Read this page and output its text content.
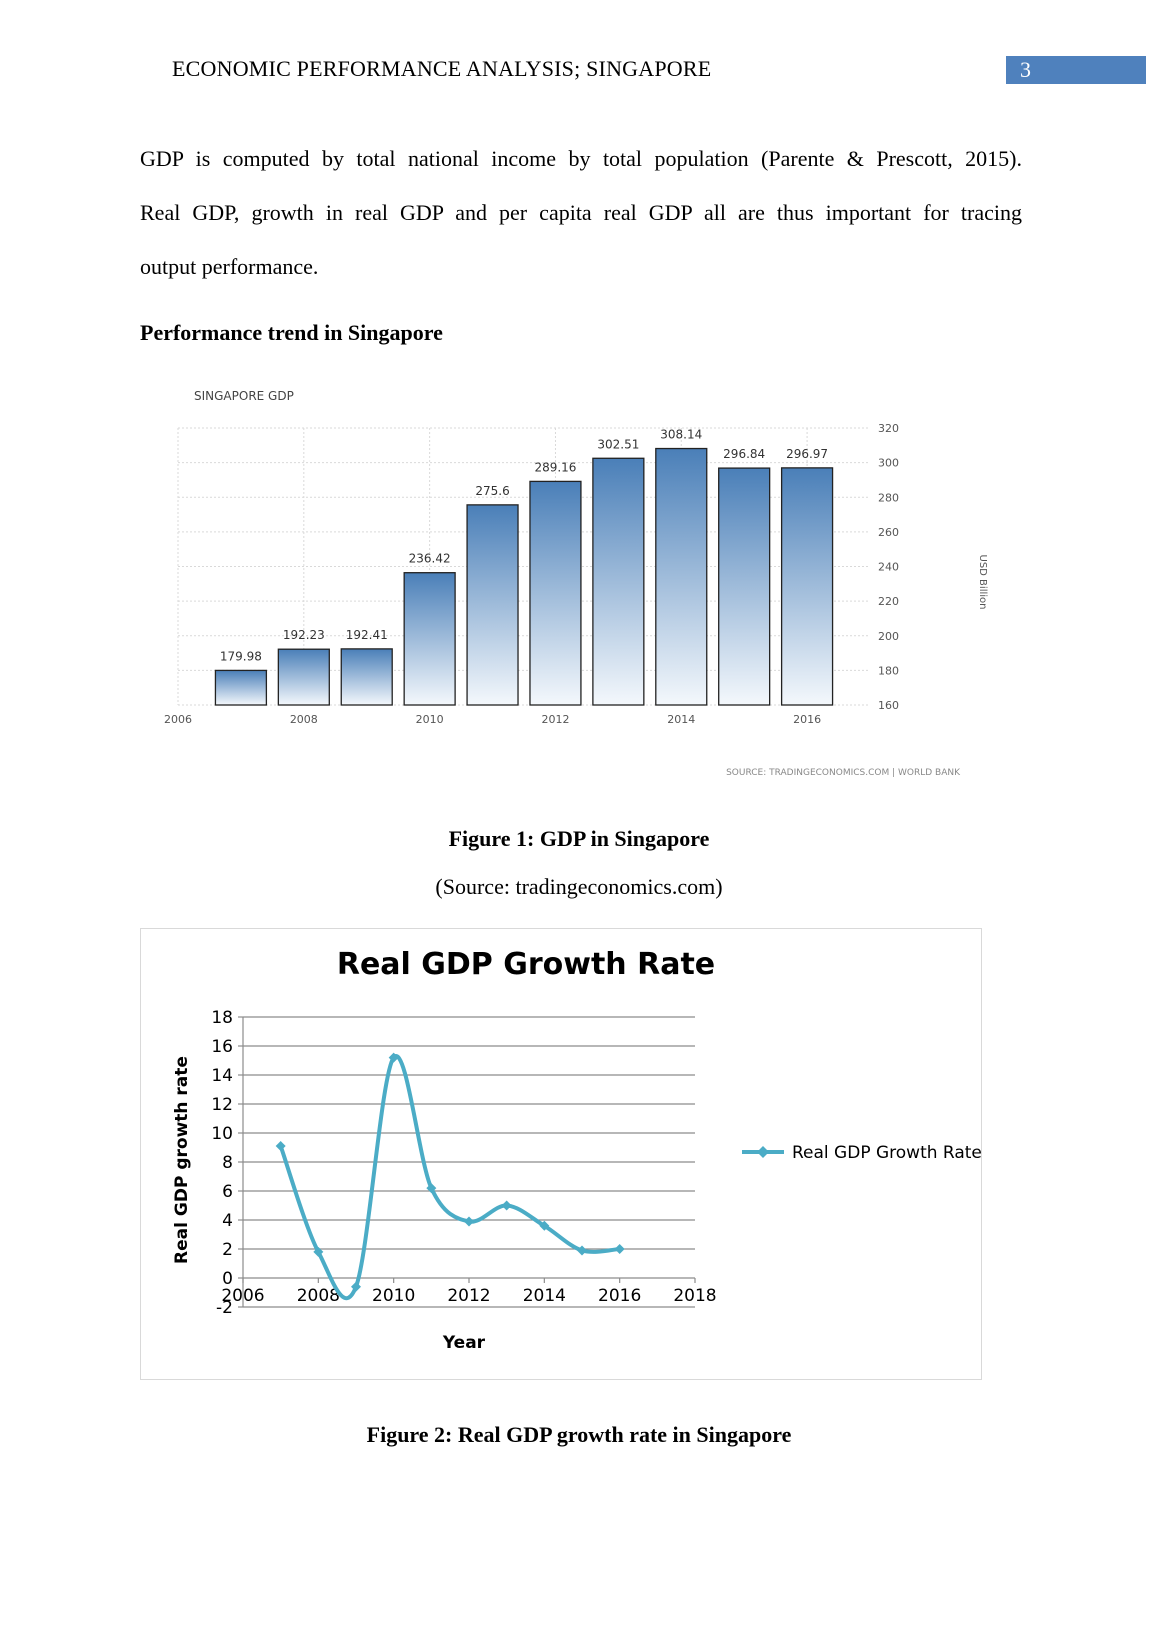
ECONOMIC PERFORMANCE ANALYSIS; SINGAPORE	3
GDP is computed by total national income by total population (Parente & Prescott, 2015).
Real GDP, growth in real GDP and per capita real GDP all are thus important for tracing
output performance.
Performance trend in Singapore
SINGAPORE GDP
179.98
192.23 192.41
236.42
275.6
289.16
302.51
308.14
296.84 296.97
2006	2008	2010	2012	2014	2016
160
180
200
220
240
260
280
300
320
USD Billion
SOURCE: TRADINGECONOMICS.COM | WORLD BANK
Figure 1: GDP in Singapore
(Source: tradingeconomics.com)
Real GDP Growth Rate
-2
0
2
4
6
8
10
12
14
16
18
2006 2008 2010 2012 2014 2016 2018
Year
Real GDP growth rate	Real GDP Growth Rate
Figure 2: Real GDP growth rate in Singapore
